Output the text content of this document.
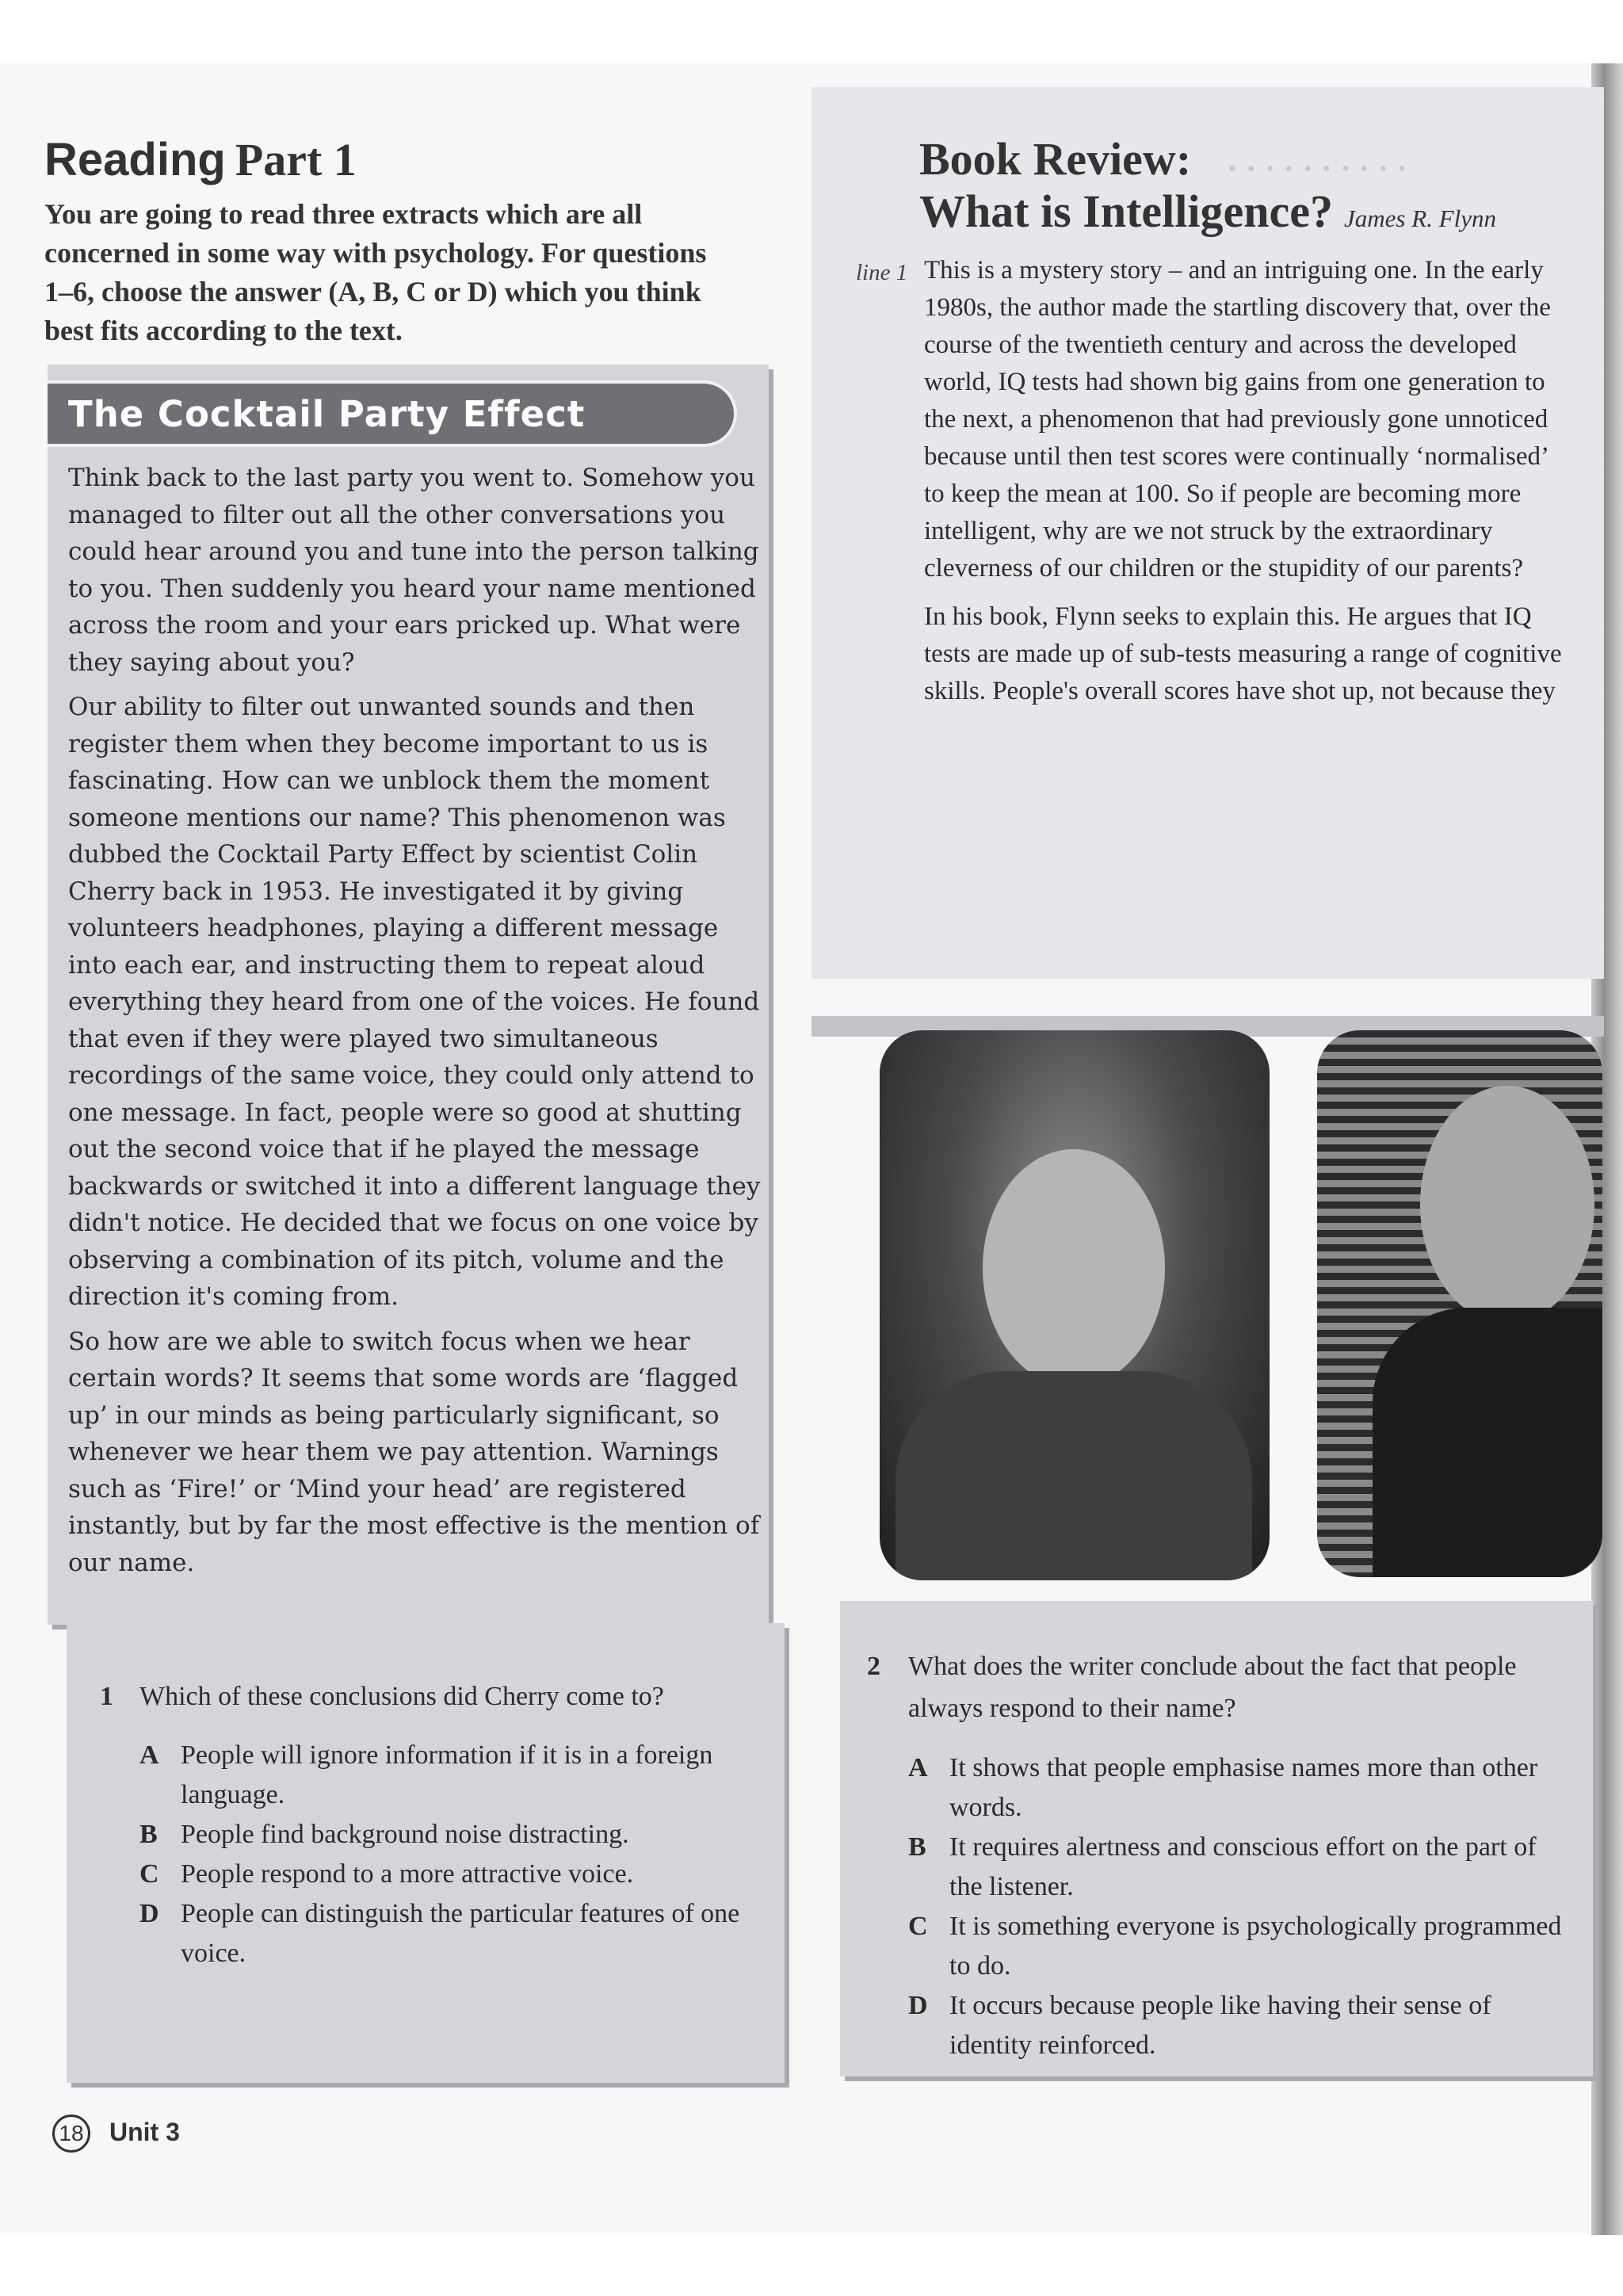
Reading Part 1

You are going to read three extracts which are all concerned in some way with psychology. For questions 1–6, choose the answer (A, B, C or D) which you think best fits according to the text.

The Cocktail Party Effect

Think back to the last party you went to. Somehow you managed to filter out all the other conversations you could hear around you and tune into the person talking to you. Then suddenly you heard your name mentioned across the room and your ears pricked up. What were they saying about you?

Our ability to filter out unwanted sounds and then register them when they become important to us is fascinating. How can we unblock them the moment someone mentions our name? This phenomenon was dubbed the Cocktail Party Effect by scientist Colin Cherry back in 1953. He investigated it by giving volunteers headphones, playing a different message into each ear, and instructing them to repeat aloud everything they heard from one of the voices. He found that even if they were played two simultaneous recordings of the same voice, they could only attend to one message. In fact, people were so good at shutting out the second voice that if he played the message backwards or switched it into a different language they didn't notice. He decided that we focus on one voice by observing a combination of its pitch, volume and the direction it's coming from.

So how are we able to switch focus when we hear certain words? It seems that some words are ‘flagged up’ in our minds as being particularly significant, so whenever we hear them we pay attention. Warnings such as ‘Fire!’ or ‘Mind your head’ are registered instantly, but by far the most effective is the mention of our name.

••••••••••
Book Review:
What is Intelligence? James R. Flynn
line 1 This is a mystery story – and an intriguing one. In the early 1980s, the author made the startling discovery that, over the course of the twentieth century and across the developed world, IQ tests had shown big gains from one generation to the next, a phenomenon that had previously gone unnoticed because until then test scores were continually ‘normalised’ to keep the mean at 100. So if people are becoming more intelligent, why are we not struck by the extraordinary cleverness of our children or the stupidity of our parents?

In his book, Flynn seeks to explain this. He argues that IQ tests are made up of sub-tests measuring a range of cognitive skills. People's overall scores have shot up, not because they

1 Which of these conclusions did Cherry come to?

A People will ignore information if it is in a foreign language.
B People find background noise distracting.
C People respond to a more attractive voice.
D People can distinguish the particular features of one voice.
2 What does the writer conclude about the fact that people always respond to their name?

A It shows that people emphasise names more than other words.
B It requires alertness and conscious effort on the part of the listener.
C It is something everyone is psychologically programmed to do.
D It occurs because people like having their sense of identity reinforced.
18 Unit 3
